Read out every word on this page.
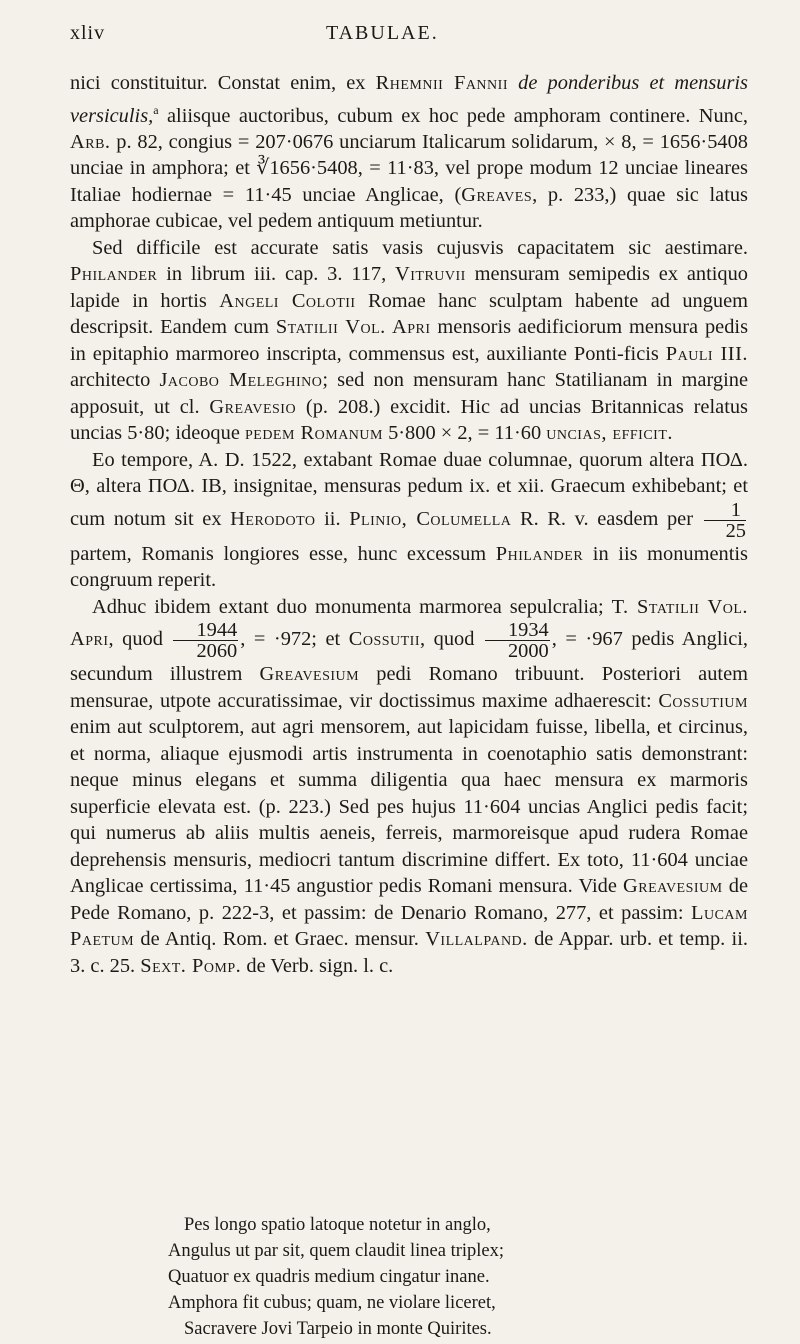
xliv	TABULAE.

nici constituitur. Constat enim, ex Rhemnii Fannii de ponderibus et mensuris versiculis,$^a$ aliisque auctoribus, cubum ex hoc pede amphoram continere. Nunc, Arb. p. 82, congius = 207·0676 unciarum Italicarum solidarum, × 8, = 1656·5408 unciae in amphora; et ∛1656·5408, = 11·83, vel prope modum 12 unciae lineares Italiae hodiernae = 11·45 unciae Anglicae, (Greaves, p. 233,) quae sic latus amphorae cubicae, vel pedem antiquum metiuntur.

Sed difficile est accurate satis vasis cujusvis capacitatem sic aestimare. Philander in librum iii. cap. 3. 117, Vitruvii mensuram semipedis ex antiquo lapide in hortis Angeli Colotii Romae hanc sculptam habente ad unguem descripsit. Eandem cum Statilii Vol. Apri mensoris aedificiorum mensura pedis in epitaphio marmoreo inscripta, commensus est, auxiliante Ponti-ficis Pauli III. architecto Jacobo Meleghino; sed non mensuram hanc Statilianam in margine apposuit, ut cl. Greavesio (p. 208.) excidit. Hic ad uncias Britannicas relatus uncias 5·80; ideoque pedem Romanum 5·800 × 2, = 11·60 uncias, efficit.

Eo tempore, A. D. 1522, extabant Romae duae columnae, quorum altera ΠΟΔ. Θ, altera ΠΟΔ. ΙΒ, insignitae, mensuras pedum ix. et xii. Graecum exhibebant; et cum notum sit ex Herodoto ii. Plinio, Columella R. R. v. easdem per $\frac{1}{25}$
partem, Romanis longiores esse, hunc excessum Philander in iis monumentis congruum reperit.

Adhuc ibidem extant duo monumenta marmorea sepulcralia; T. Statilii Vol. Apri, quod $\frac{1944}{2060}$ , = ·972; et Cossutii, quod $\frac{1934}{2000}$ , = ·967 pedis Anglici, secundum illustrem Greavesium pedi Romano tribuunt. Posteriori autem mensurae, utpote accuratissimae, vir doctissimus maxime adhaerescit: Cossutium enim aut sculptorem, aut agri mensorem, aut lapicidam fuisse, libella, et circinus, et norma, aliaque ejusmodi artis instrumenta in coenotaphio satis demonstrant: neque minus elegans et summa diligentia qua haec mensura ex marmoris superficie elevata est. (p. 223.) Sed pes hujus 11·604 uncias Anglici pedis facit; qui numerus ab aliis multis aeneis, ferreis, marmoreisque apud rudera Romae deprehensis mensuris, mediocri tantum discrimine differt. Ex toto, 11·604 unciae Anglicae certissima, 11·45 angustior pedis Romani mensura. Vide Greavesium de Pede Romano, p. 222-3, et passim: de Denario Romano, 277, et passim: Lucam Paetum de Antiq. Rom. et Graec. mensur. Villalpand. de Appar. urb. et temp. ii. 3. c. 25. Sext. Pomp. de Verb. sign. l. c.

Pes longo spatio latoque notetur in anglo,
Angulus ut par sit, quem claudit linea triplex;
Quatuor ex quadris medium cingatur inane.
Amphora fit cubus; quam, ne violare liceret,
Sacravere Jovi Tarpeio in monte Quirites.
